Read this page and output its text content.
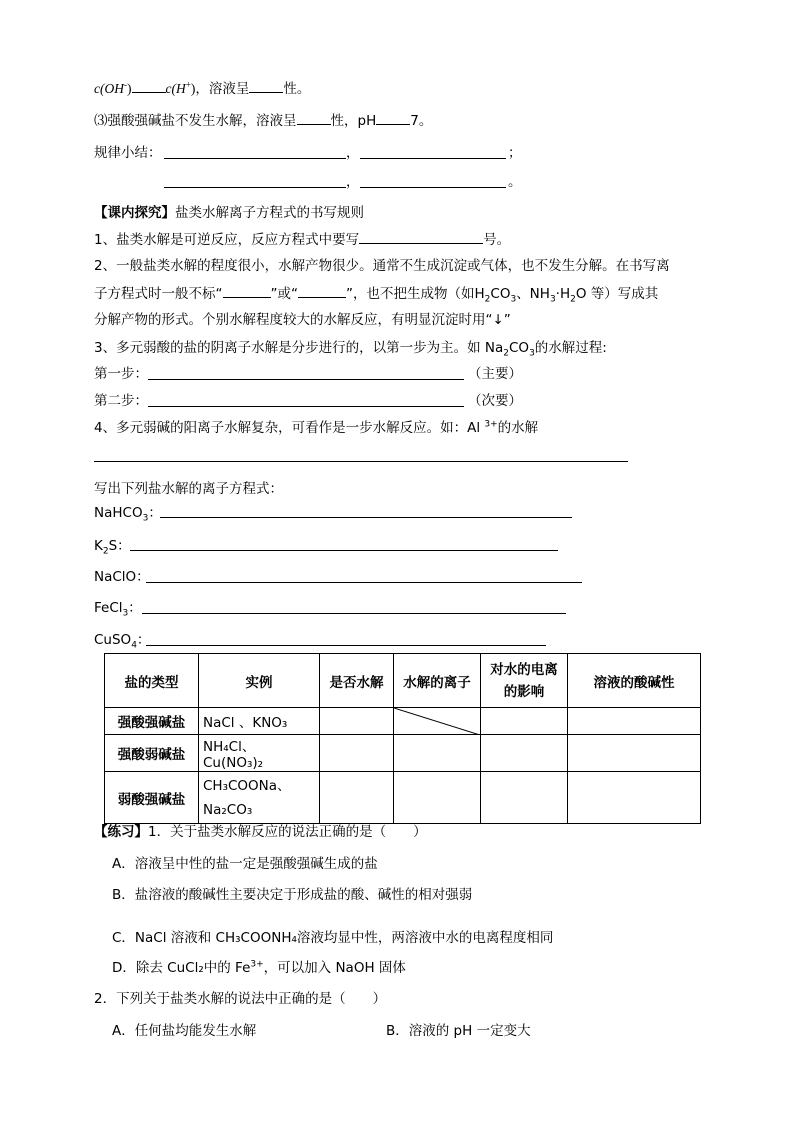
c(OH-)	c(H+)，溶液呈	性。
⑶强酸强碱盐不发生水解，溶液呈	性，pH	7。
规律小结：	，	；
，	。
【课内探究】盐类水解离子方程式的书写规则
1、盐类水解是可逆反应，反应方程式中要写	号。
2、一般盐类水解的程度很小，水解产物很少。通常不生成沉淀或气体，也不发生分解。在书写离
子方程式时一般不标“	”或“	”，也不把生成物（如$H_2CO_3$、$NH_3\cdot H_2O$ 等）写成其
分解产物的形式。个别水解程度较大的水解反应，有明显沉淀时用“↓”
3、多元弱酸的盐的阴离子水解是分步进行的，以第一步为主。如 $Na_2CO_3$的水解过程:
第一步：	（主要）
第二步：	（次要）
4、多元弱碱的阳离子水解复杂，可看作是一步水解反应。如：Al $^{3+}$的水解
写出下列盐水解的离子方程式：
NaHCO$_3$：
$K_2S$：
NaClO：
FeCl$_3$：
CuSO$_4$：
盐的类型	实例	是否水解	水解的离子	对水的电离的影响	溶液的酸碱性
强酸强碱盐	NaCl 、KNO₃		

强酸弱碱盐	NH₄Cl、Cu(NO₃)₂				
弱酸强碱盐	CH₃COONa、
Na₂CO₃				
【练习】1．关于盐类水解反应的说法正确的是（　　）
A．溶液呈中性的盐一定是强酸强碱生成的盐
B．盐溶液的酸碱性主要决定于形成盐的酸、碱性的相对强弱
C．NaCl 溶液和 CH₃COONH₄溶液均显中性，两溶液中水的电离程度相同
D．除去 CuCl₂中的 $Fe^{3+}$，可以加入 NaOH 固体
2．下列关于盐类水解的说法中正确的是（　　）
A．任何盐均能发生水解	B．溶液的 pH 一定变大
